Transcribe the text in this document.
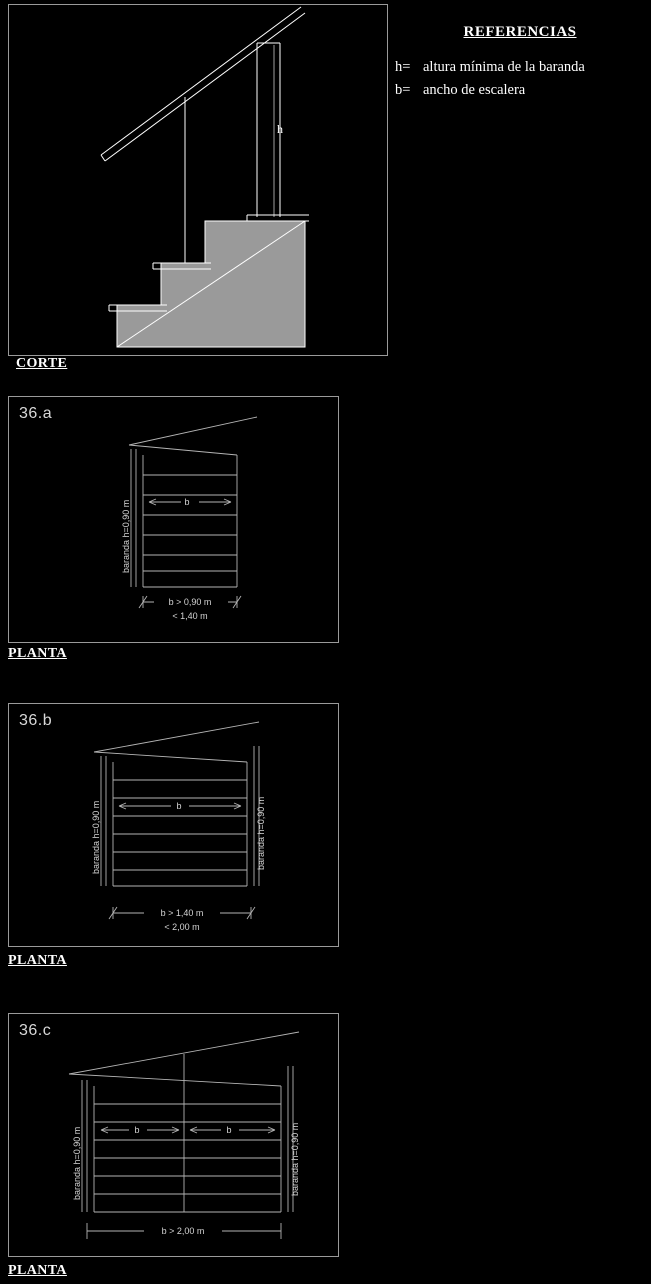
h
CORTE
REFERENCIAS
h= altura mínima de la baranda
b= ancho de escalera
36.a
baranda h=0,90 m	b
b > 0,90 m
< 1,40 m
PLANTA
36.b
baranda h=0,90 m	baranda h=0,90 m
b
b > 1,40 m
< 2,00 m
PLANTA
36.c
baranda h=0,90 m	baranda h=0,90 m
b	b
b > 2,00 m
PLANTA
